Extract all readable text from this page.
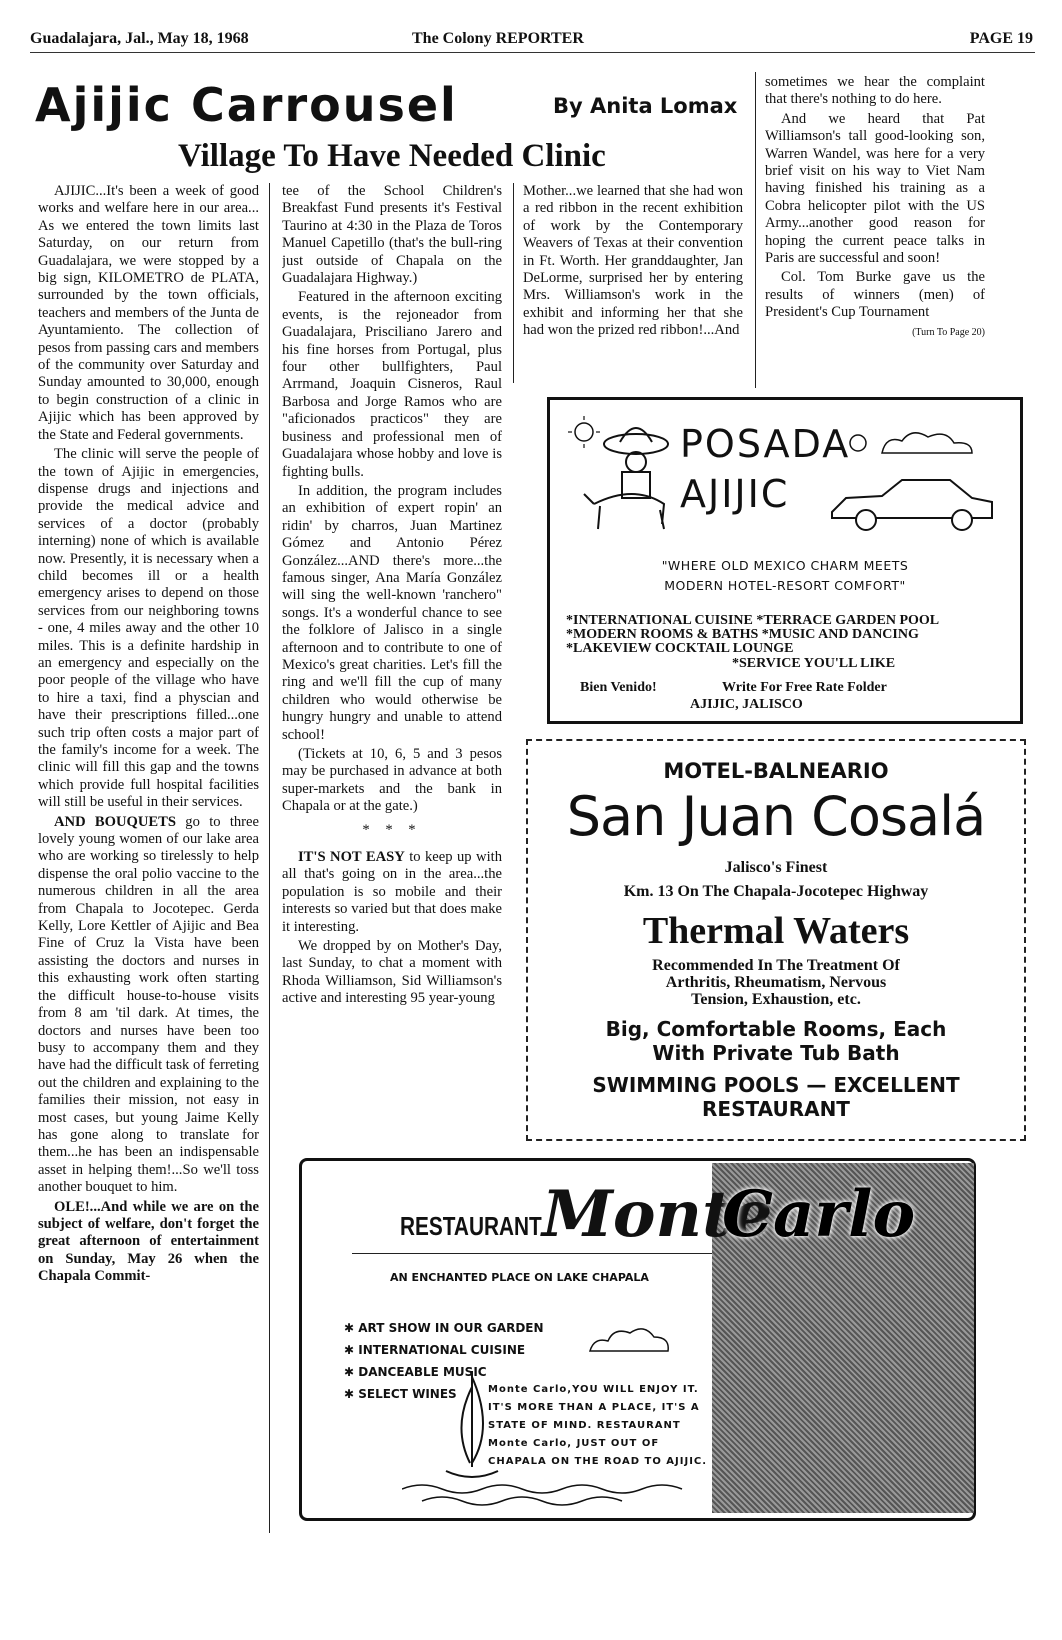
Guadalajara, Jal., May 18, 1968	The Colony REPORTER	PAGE 19
Ajijic Carrousel	By Anita Lomax
Village To Have Needed Clinic

AJIJIC...It's been a week of good works and welfare here in our area... As we entered the town limits last Saturday, on our return from Guadalajara, we were stopped by a big sign, KILOMETRO de PLATA, surrounded by the town officials, teachers and members of the Junta de Ayuntamiento. The collection of pesos from passing cars and members of the community over Saturday and Sunday amounted to 30,000, enough to begin construction of a clinic in Ajijic which has been approved by the State and Federal governments.

The clinic will serve the people of the town of Ajijic in emergencies, dispense drugs and injections and provide the medical advice and services of a doctor (probably interning) none of which is available now. Presently, it is necessary when a child becomes ill or a health emergency arises to depend on those services from our neighboring towns - one, 4 miles away and the other 10 miles. This is a definite hardship in an emergency and especially on the poor people of the village who have to hire a taxi, find a physcian and have their prescriptions filled...one such trip often costs a major part of the family's income for a week. The clinic will fill this gap and the towns which provide full hospital facilities will still be useful in their services.

AND BOUQUETS go to three lovely young women of our lake area who are working so tirelessly to help dispense the oral polio vaccine to the numerous children in all the area from Chapala to Jocotepec. Gerda Kelly, Lore Kettler of Ajijic and Bea Fine of Cruz la Vista have been assisting the doctors and nurses in this exhausting work often starting the difficult house-to-house visits from 8 am 'til dark. At times, the doctors and nurses have been too busy to accompany them and they have had the difficult task of ferreting out the children and explaining to the families their mission, not easy in most cases, but young Jaime Kelly has gone along to translate for them...he has been an indispensable asset in helping them!...So we'll toss another bouquet to him.

OLE!...And while we are on the subject of welfare, don't forget the great afternoon of entertainment on Sunday, May 26 when the Chapala Commit-

tee of the School Children's Breakfast Fund presents it's Festival Taurino at 4:30 in the Plaza de Toros Manuel Capetillo (that's the bull-ring just outside of Chapala on the Guadalajara Highway.)

Featured in the afternoon exciting events, is the rejoneador from Guadalajara, Prisciliano Jarero and his fine horses from Portugal, plus four other bullfighters, Paul Arrmand, Joaquin Cisneros, Raul Barbosa and Jorge Ramos who are "aficionados practicos" they are business and professional men of Guadalajara whose hobby and love is fighting bulls.

In addition, the program includes an exhibition of expert ropin' an ridin' by charros, Juan Martinez Gómez and Antonio Pérez González...AND there's more...the famous singer, Ana María González will sing the well-known 'ranchero" songs. It's a wonderful chance to see the folklore of Jalisco in a single afternoon and to contribute to one of Mexico's great charities. Let's fill the ring and we'll fill the cup of many children who would otherwise be hungry hungry and unable to attend school!

(Tickets at 10, 6, 5 and 3 pesos may be purchased in advance at both super-markets and the bank in Chapala or at the gate.)

* * *

IT'S NOT EASY to keep up with all that's going on in the area...the population is so mobile and their interests so varied but that does make it interesting.

We dropped by on Mother's Day, last Sunday, to chat a moment with Rhoda Williamson, Sid Williamson's active and interesting 95 year-young

Mother...we learned that she had won a red ribbon in the recent exhibition of work by the Contemporary Weavers of Texas at their convention in Ft. Worth. Her granddaughter, Jan DeLorme, surprised her by entering Mrs. Williamson's work in the exhibit and informing her that she had won the prized red ribbon!...And

sometimes we hear the complaint that there's nothing to do here.

And we heard that Pat Williamson's tall good-looking son, Warren Wandel, was here for a very brief visit on his way to Viet Nam having finished his training as a Cobra helicopter pilot with the US Army...another good reason for hoping the current peace talks in Paris are successful and soon!

Col. Tom Burke gave us the results of winners (men) of President's Cup Tournament

(Turn To Page 20)
POSADA
AJIJIC
"WHERE OLD MEXICO CHARM MEETS
MODERN HOTEL-RESORT COMFORT"
*INTERNATIONAL CUISINE *TERRACE GARDEN POOL
*MODERN ROOMS & BATHS *MUSIC AND DANCING
*LAKEVIEW COCKTAIL LOUNGE
*SERVICE YOU'LL LIKE
Bien Venido!	Write For Free Rate Folder
AJIJIC, JALISCO
MOTEL-BALNEARIO
San Juan Cosalá
Jalisco's Finest
Km. 13 On The Chapala-Jocotepec Highway
Thermal Waters
Recommended In The Treatment Of
Arthritis, Rheumatism, Nervous
Tension, Exhaustion, etc.
Big, Comfortable Rooms, Each
With Private Tub Bath
SWIMMING POOLS — EXCELLENT
RESTAURANT
RESTAURANT Monte
Carlo
AN ENCHANTED PLACE ON LAKE CHAPALA
✱ ART SHOW IN OUR GARDEN
✱ INTERNATIONAL CUISINE
✱ DANCEABLE MUSIC
✱ SELECT WINES	Monte Carlo,YOU WILL ENJOY IT.
IT'S MORE THAN A PLACE, IT'S A
STATE OF MIND. RESTAURANT
Monte Carlo, JUST OUT OF
CHAPALA ON THE ROAD TO AJIJIC.
